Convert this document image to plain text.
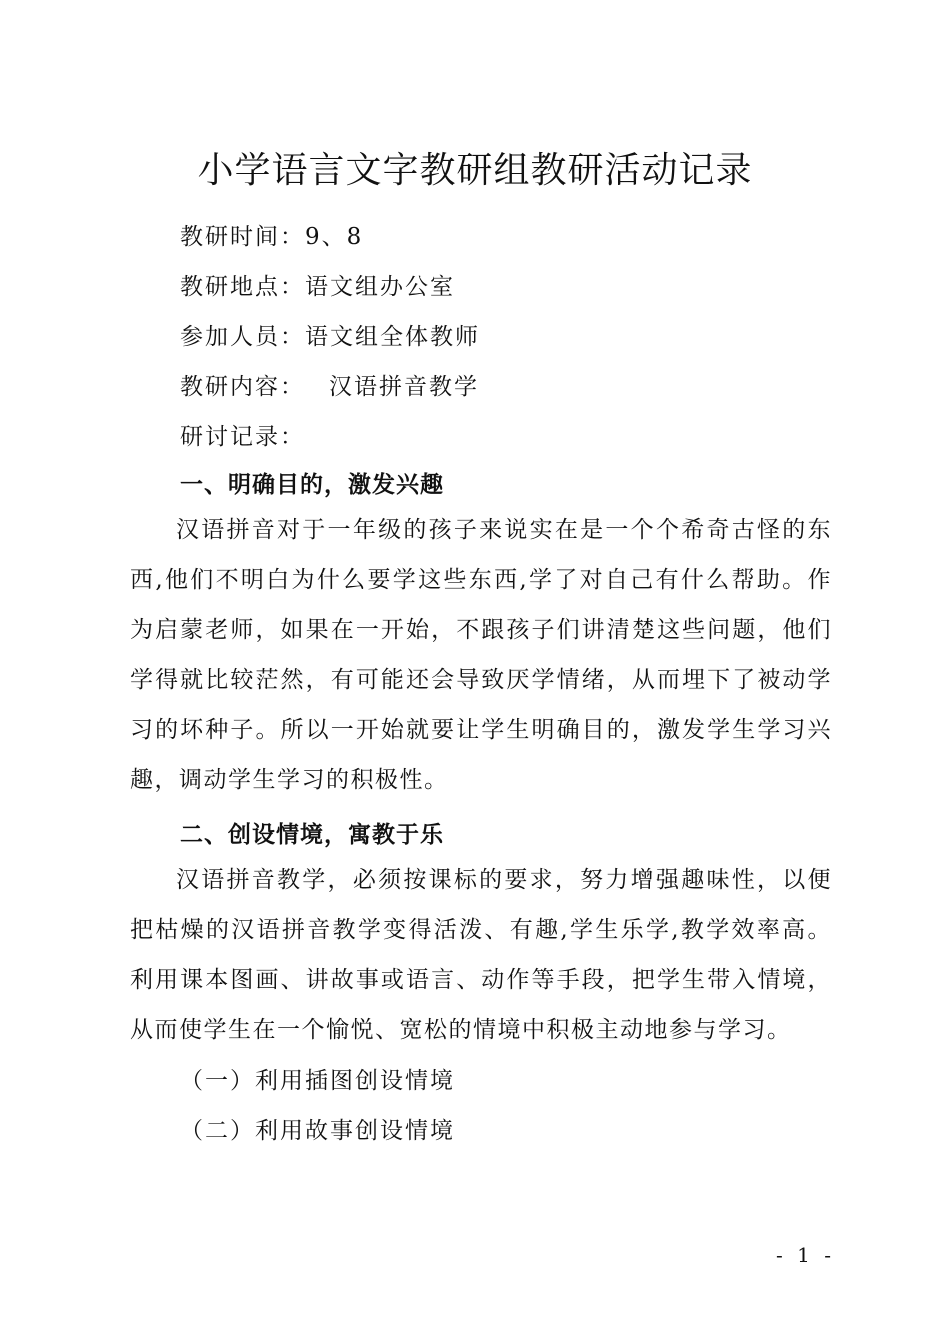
小学语言文字教研组教研活动记录
教研时间：9、8
教研地点：语文组办公室
参加人员：语文组全体教师
教研内容： 汉语拼音教学
研讨记录：
一、明确目的，激发兴趣
汉语拼音对于一年级的孩子来说实在是一个个希奇古怪的东西,他们不明白为什么要学这些东西,学了对自己有什么帮助。作为启蒙老师，如果在一开始，不跟孩子们讲清楚这些问题，他们学得就比较茫然，有可能还会导致厌学情绪，从而埋下了被动学习的坏种子。所以一开始就要让学生明确目的，激发学生学习兴趣，调动学生学习的积极性。
二、创设情境，寓教于乐
汉语拼音教学，必须按课标的要求，努力增强趣味性，以便把枯燥的汉语拼音教学变得活泼、有趣,学生乐学,教学效率高。利用课本图画、讲故事或语言、动作等手段，把学生带入情境，从而使学生在一个愉悦、宽松的情境中积极主动地参与学习。
（一）利用插图创设情境
（二）利用故事创设情境
- 1 -
